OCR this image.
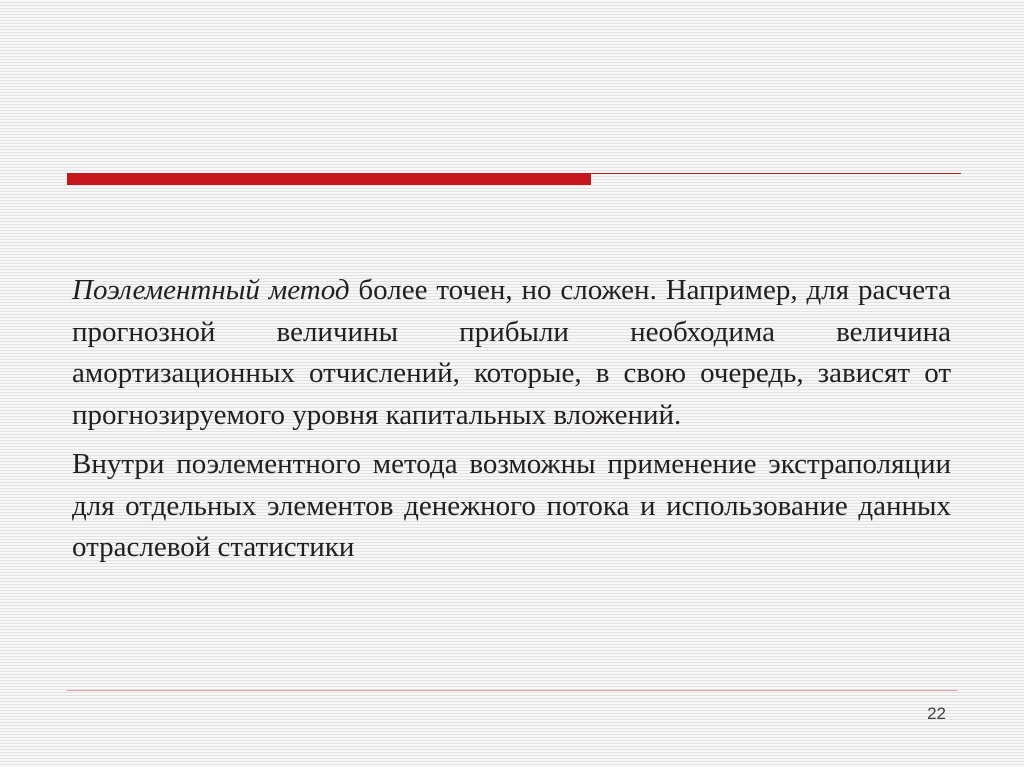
Поэлементный метод более точен, но сложен. Например, для расчета прогнозной величины прибыли необходима величина амортизационных отчислений, которые, в свою очередь, зависят от прогнозируемого уровня капитальных вложений.

Внутри поэлементного метода возможны применение экстраполяции для отдельных элементов денежного потока и использование данных отраслевой статистики

22
